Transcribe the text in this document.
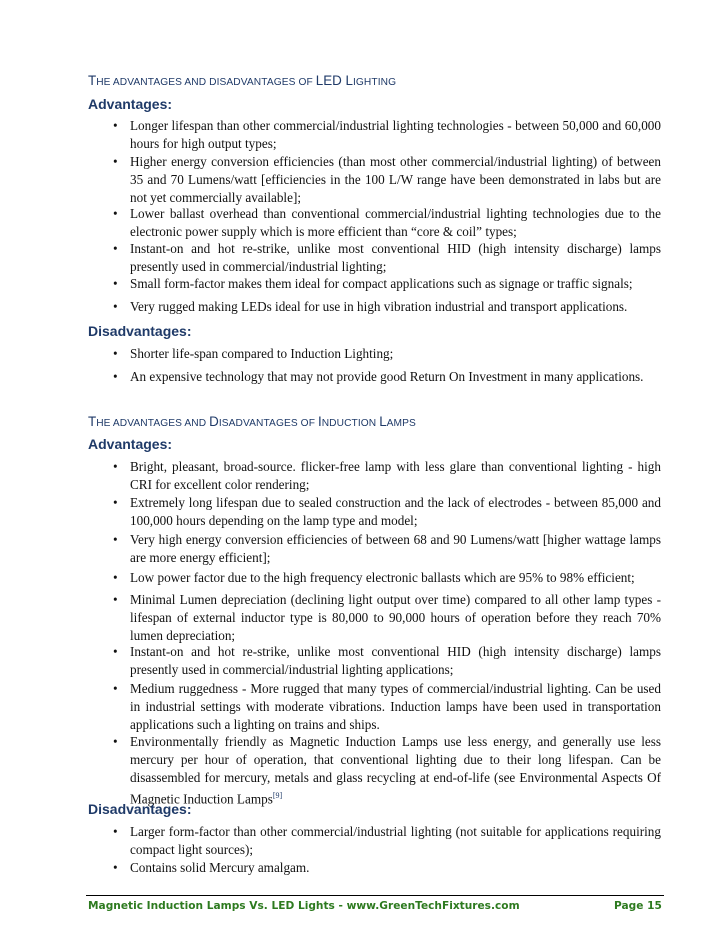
THE ADVANTAGES AND DISADVANTAGES OF LED LIGHTING
Advantages:
• Longer lifespan than other commercial/industrial lighting technologies - between 50,000 and 60,000 hours for high output types;
• Higher energy conversion efficiencies (than most other commercial/industrial lighting) of between 35 and 70 Lumens/watt [efficiencies in the 100 L/W range have been demonstrated in labs but are not yet commercially available];
• Lower ballast overhead than conventional commercial/industrial lighting technologies due to the electronic power supply which is more efficient than “core & coil” types;
• Instant-on and hot re-strike, unlike most conventional HID (high intensity discharge) lamps presently used in commercial/industrial lighting;
• Small form-factor makes them ideal for compact applications such as signage or traffic signals;
• Very rugged making LEDs ideal for use in high vibration industrial and transport applications.
Disadvantages:
• Shorter life-span compared to Induction Lighting;
• An expensive technology that may not provide good Return On Investment in many applications.
THE ADVANTAGES AND DISADVANTAGES OF INDUCTION LAMPS
Advantages:
• Bright, pleasant, broad-source. flicker-free lamp with less glare than conventional lighting - high CRI for excellent color rendering;
• Extremely long lifespan due to sealed construction and the lack of electrodes - between 85,000 and 100,000 hours depending on the lamp type and model;
• Very high energy conversion efficiencies of between 68 and 90 Lumens/watt [higher wattage lamps are more energy efficient];
• Low power factor due to the high frequency electronic ballasts which are 95% to 98% efficient;
• Minimal Lumen depreciation (declining light output over time) compared to all other lamp types - lifespan of external inductor type is 80,000 to 90,000 hours of operation before they reach 70% lumen depreciation;
• Instant-on and hot re-strike, unlike most conventional HID (high intensity discharge) lamps presently used in commercial/industrial lighting applications;
• Medium ruggedness - More rugged that many types of commercial/industrial lighting. Can be used in industrial settings with moderate vibrations. Induction lamps have been used in transportation applications such a lighting on trains and ships.
• Environmentally friendly as Magnetic Induction Lamps use less energy, and generally use less mercury per hour of operation, that conventional lighting due to their long lifespan. Can be disassembled for mercury, metals and glass recycling at end-of-life (see Environmental Aspects Of Magnetic Induction Lamps[9]
Disadvantages:
• Larger form-factor than other commercial/industrial lighting (not suitable for applications requiring compact light sources);
• Contains solid Mercury amalgam.
Magnetic Induction Lamps Vs. LED Lights - www.GreenTechFixtures.com	Page 15
